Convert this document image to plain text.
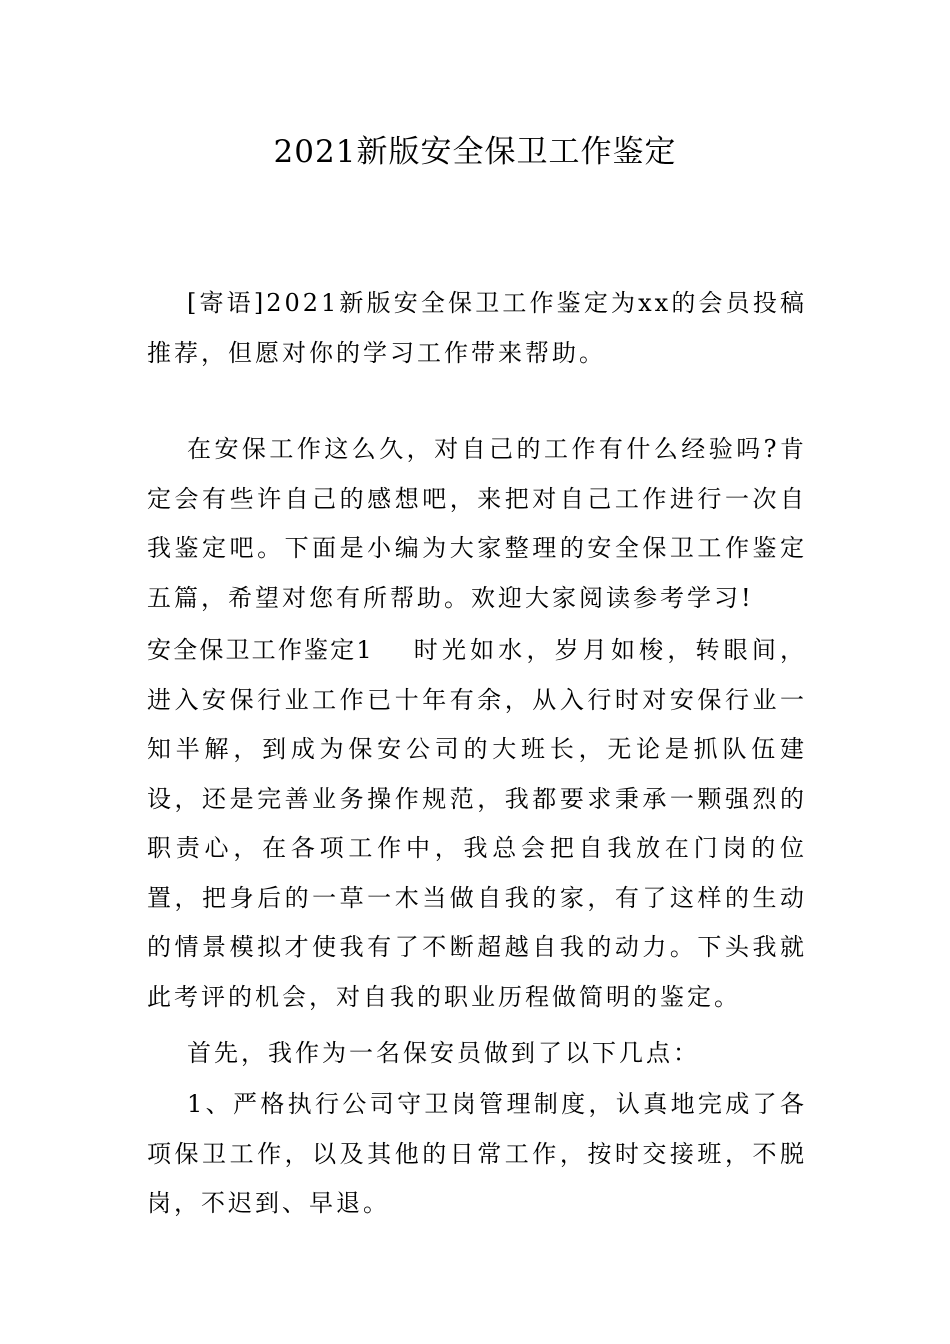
2021新版安全保卫工作鉴定

[寄语]2021新版安全保卫工作鉴定为xx的会员投稿推荐，但愿对你的学习工作带来帮助。

在安保工作这么久，对自己的工作有什么经验吗?肯定会有些许自己的感想吧，来把对自己工作进行一次自我鉴定吧。下面是小编为大家整理的安全保卫工作鉴定五篇，希望对您有所帮助。欢迎大家阅读参考学习!

安全保卫工作鉴定1 时光如水，岁月如梭，转眼间，进入安保行业工作已十年有余，从入行时对安保行业一知半解，到成为保安公司的大班长，无论是抓队伍建设，还是完善业务操作规范，我都要求秉承一颗强烈的职责心，在各项工作中，我总会把自我放在门岗的位置，把身后的一草一木当做自我的家，有了这样的生动的情景模拟才使我有了不断超越自我的动力。下头我就此考评的机会，对自我的职业历程做简明的鉴定。

首先，我作为一名保安员做到了以下几点：

1、严格执行公司守卫岗管理制度，认真地完成了各项保卫工作，以及其他的日常工作，按时交接班，不脱岗，不迟到、早退。
